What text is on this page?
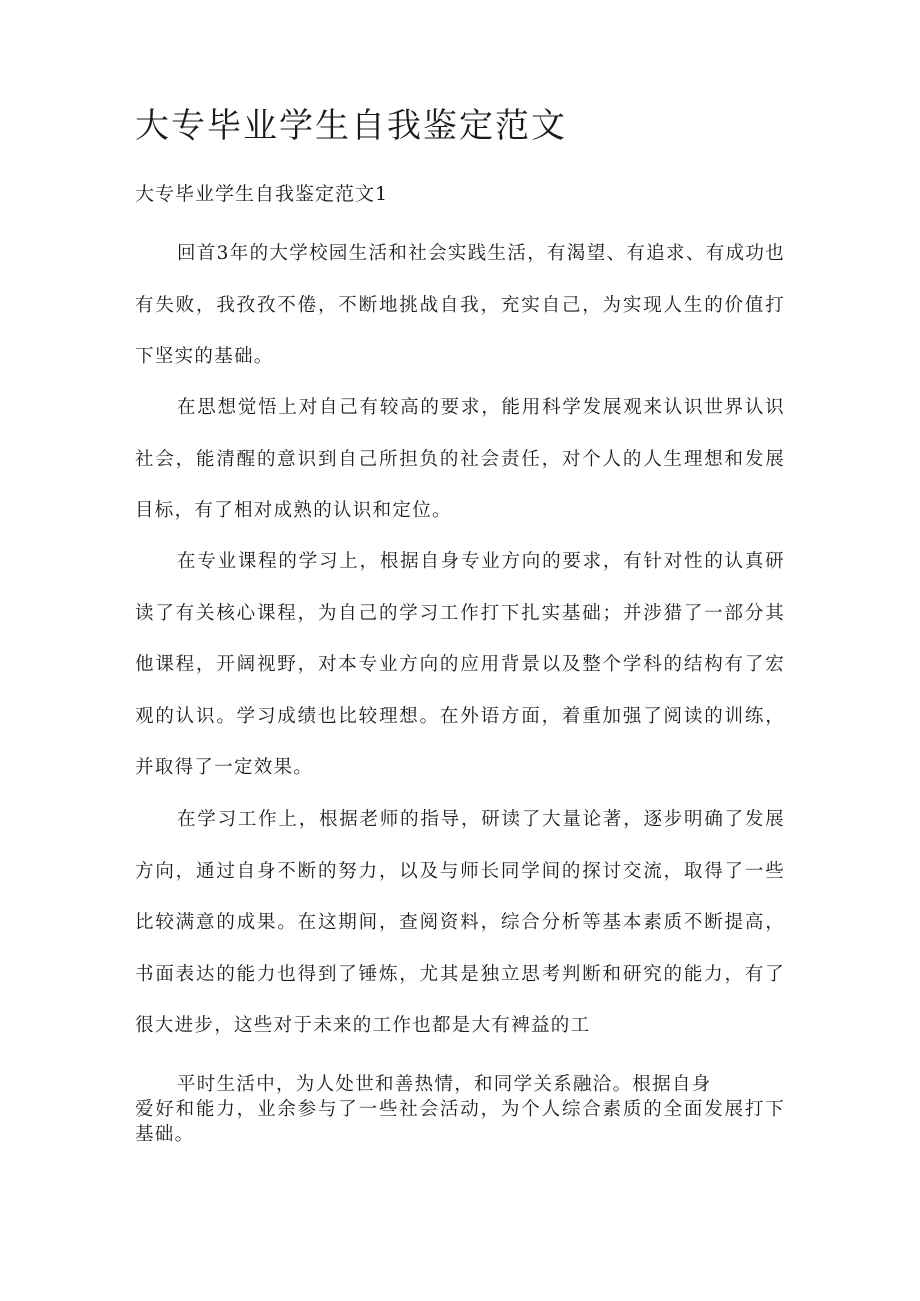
大专毕业学生自我鉴定范文

大专毕业学生自我鉴定范文1

回首3年的大学校园生活和社会实践生活，有渴望、有追求、有成功也有失败，我孜孜不倦，不断地挑战自我，充实自己，为实现人生的价值打下坚实的基础。

在思想觉悟上对自己有较高的要求，能用科学发展观来认识世界认识社会，能清醒的意识到自己所担负的社会责任，对个人的人生理想和发展目标，有了相对成熟的认识和定位。

在专业课程的学习上，根据自身专业方向的要求，有针对性的认真研读了有关核心课程，为自己的学习工作打下扎实基础；并涉猎了一部分其他课程，开阔视野，对本专业方向的应用背景以及整个学科的结构有了宏观的认识。学习成绩也比较理想。在外语方面，着重加强了阅读的训练，并取得了一定效果。

在学习工作上，根据老师的指导，研读了大量论著，逐步明确了发展方向，通过自身不断的努力，以及与师长同学间的探讨交流，取得了一些比较满意的成果。在这期间，查阅资料，综合分析等基本素质不断提高，书面表达的能力也得到了锤炼，尤其是独立思考判断和研究的能力，有了很大进步，这些对于未来的工作也都是大有裨益的工

平时生活中，为人处世和善热情，和同学关系融洽。根据自身

爱好和能力，业余参与了一些社会活动，为个人综合素质的全面发展打下基础。
